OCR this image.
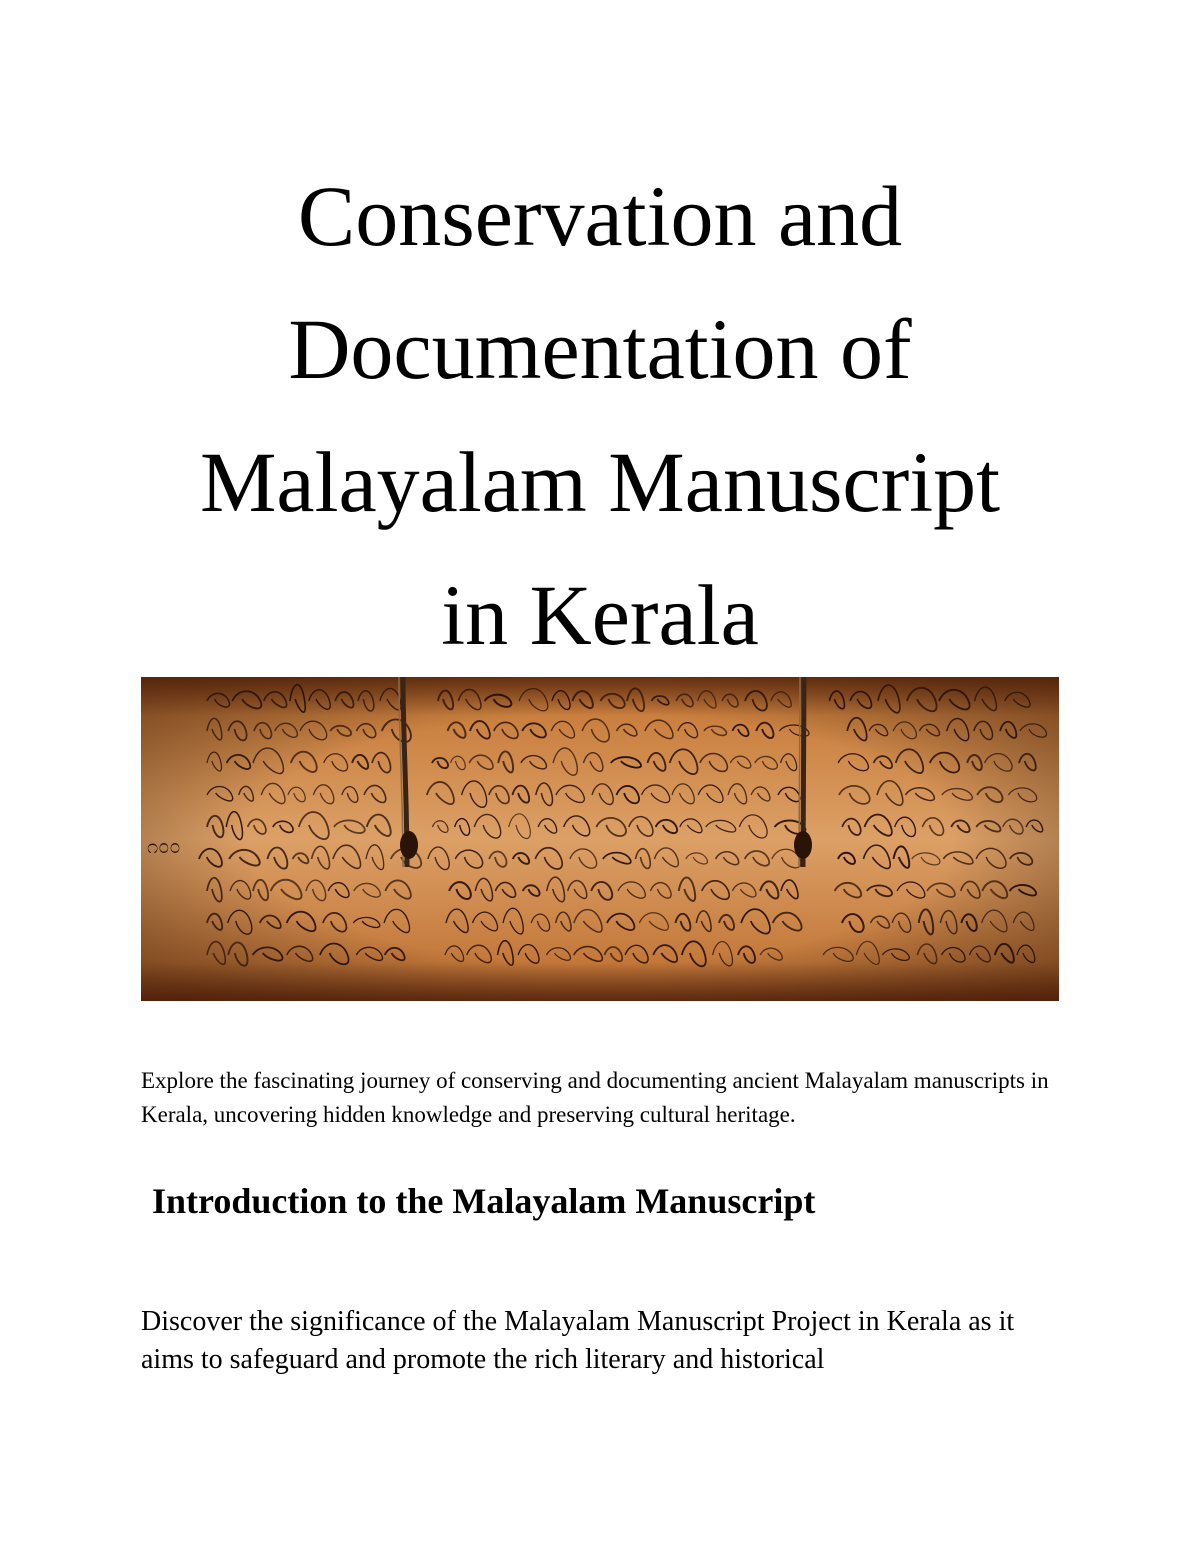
Conservation and
Documentation of
Malayalam Manuscript
in Kerala
೧೦೦

Explore the fascinating journey of conserving and documenting ancient Malayalam manuscripts in Kerala, uncovering hidden knowledge and preserving cultural heritage.

Introduction to the Malayalam Manuscript

Discover the significance of the Malayalam Manuscript Project in Kerala as it aims to safeguard and promote the rich literary and historical
